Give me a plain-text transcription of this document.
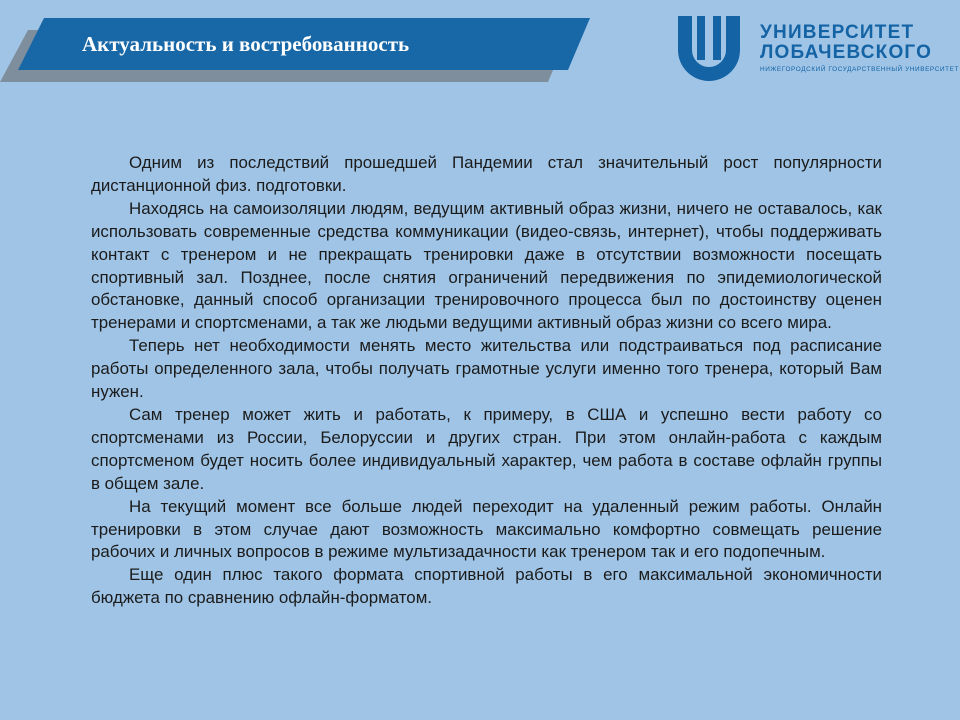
Актуальность и востребованность	УНИВЕРСИТЕТ
ЛОБАЧЕВСКОГО
НИЖЕГОРОДСКИЙ ГОСУДАРСТВЕННЫЙ УНИВЕРСИТЕТ

Одним из последствий прошедшей Пандемии стал значительный рост популярности дистанционной физ. подготовки.

Находясь на самоизоляции людям, ведущим активный образ жизни, ничего не оставалось, как использовать современные средства коммуникации (видео-связь, интернет), чтобы поддерживать контакт с тренером и не прекращать тренировки даже в отсутствии возможности посещать спортивный зал. Позднее, после снятия ограничений передвижения по эпидемиологической обстановке, данный способ организации тренировочного процесса был по достоинству оценен тренерами и спортсменами, а так же людьми ведущими активный образ жизни со всего мира.

Теперь нет необходимости менять место жительства или подстраиваться под расписание работы определенного зала, чтобы получать грамотные услуги именно того тренера, который Вам нужен.

Сам тренер может жить и работать, к примеру, в США и успешно вести работу со спортсменами из России, Белоруссии и других стран. При этом онлайн-работа с каждым спортсменом будет носить более индивидуальный характер, чем работа в составе офлайн группы в общем зале.

На текущий момент все больше людей переходит на удаленный режим работы. Онлайн тренировки в этом случае дают возможность максимально комфортно совмещать решение рабочих и личных вопросов в режиме мультизадачности как тренером так и его подопечным.

Еще один плюс такого формата спортивной работы в его максимальной экономичности бюджета по сравнению офлайн-форматом.
